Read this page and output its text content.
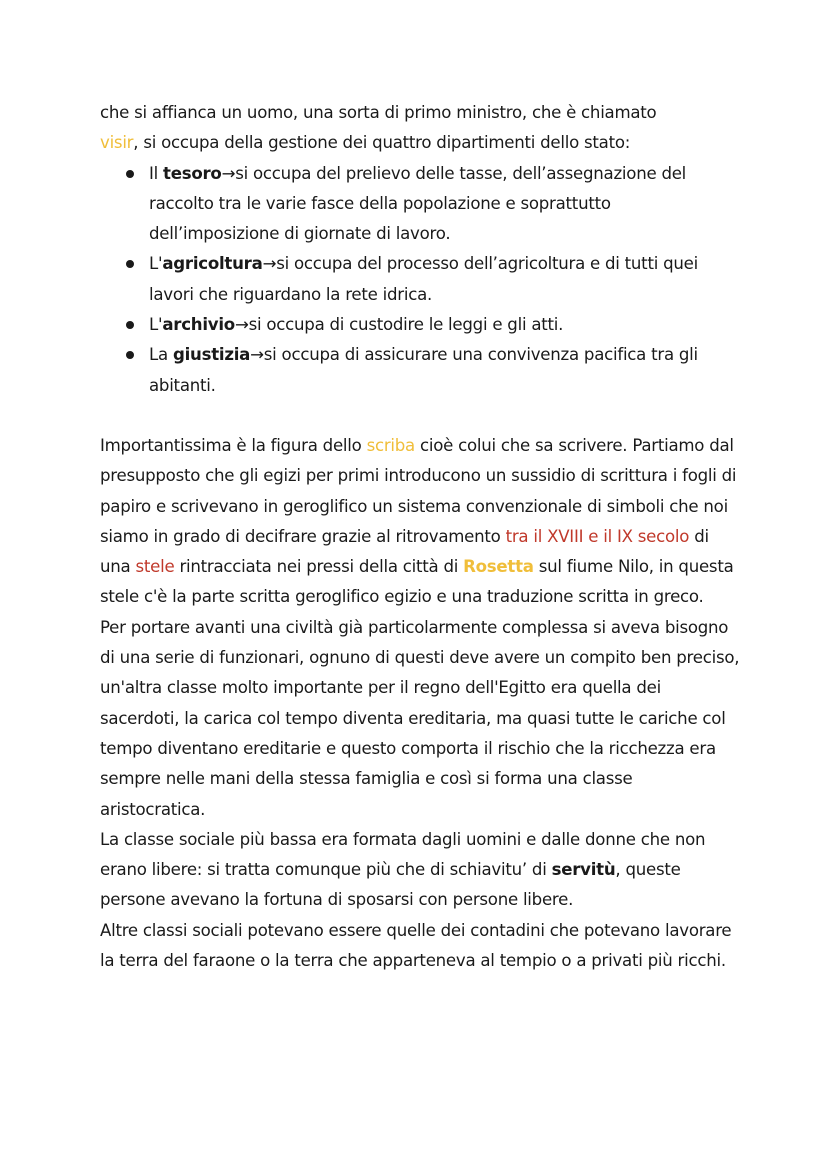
che si affianca un uomo, una sorta di primo ministro, che è chiamato
visir, si occupa della gestione dei quattro dipartimenti dello stato:

Il tesoro→si occupa del prelievo delle tasse, dell’assegnazione del raccolto tra le varie fasce della popolazione e soprattutto dell’imposizione di giornate di lavoro.
L'agricoltura→si occupa del processo dell’agricoltura e di tutti quei lavori che riguardano la rete idrica.
L'archivio→si occupa di custodire le leggi e gli atti.
La giustizia→si occupa di assicurare una convivenza pacifica tra gli abitanti.

Importantissima è la figura dello scriba cioè colui che sa scrivere. Partiamo dal presupposto che gli egizi per primi introducono un sussidio di scrittura i fogli di papiro e scrivevano in geroglifico un sistema convenzionale di simboli che noi siamo in grado di decifrare grazie al ritrovamento tra il XVIII e il IX secolo di una stele rintracciata nei pressi della città di Rosetta sul fiume Nilo, in questa stele c'è la parte scritta geroglifico egizio e una traduzione scritta in greco.

Per portare avanti una civiltà già particolarmente complessa si aveva bisogno di una serie di funzionari, ognuno di questi deve avere un compito ben preciso, un'altra classe molto importante per il regno dell'Egitto era quella dei sacerdoti, la carica col tempo diventa ereditaria, ma quasi tutte le cariche col tempo diventano ereditarie e questo comporta il rischio che la ricchezza era sempre nelle mani della stessa famiglia e così si forma una classe aristocratica.

La classe sociale più bassa era formata dagli uomini e dalle donne che non erano libere: si tratta comunque più che di schiavitu’ di servitù, queste persone avevano la fortuna di sposarsi con persone libere.

Altre classi sociali potevano essere quelle dei contadini che potevano lavorare la terra del faraone o la terra che apparteneva al tempio o a privati più ricchi.
